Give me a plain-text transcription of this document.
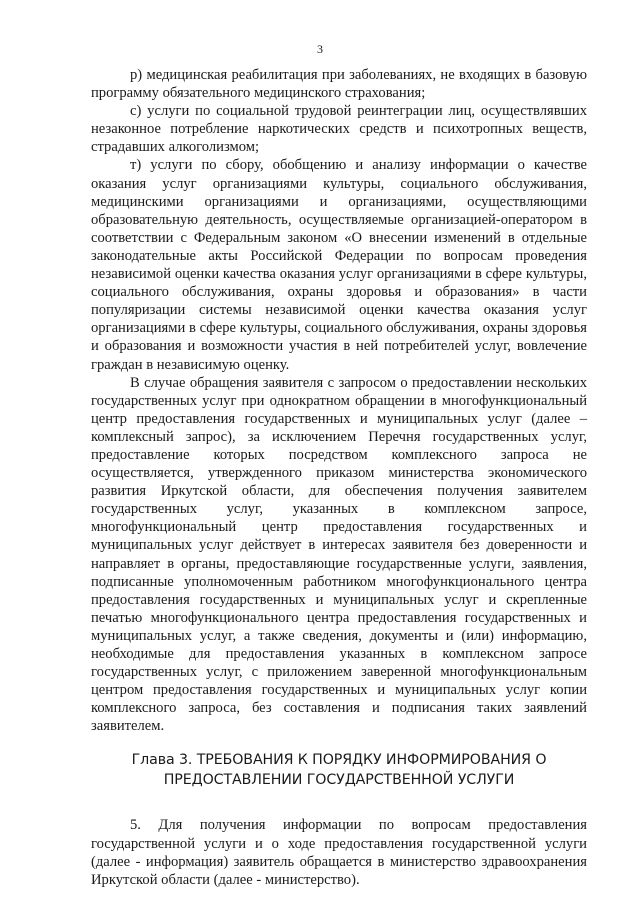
3

р) медицинская реабилитация при заболеваниях, не входящих в базовую программу обязательного медицинского страхования;

с) услуги по социальной трудовой реинтеграции лиц, осуществлявших незаконное потребление наркотических средств и психотропных веществ, страдавших алкоголизмом;

т) услуги по сбору, обобщению и анализу информации о качестве оказания услуг организациями культуры, социального обслуживания, медицинскими организациями и организациями, осуществляющими образовательную деятельность, осуществляемые организацией-оператором в соответствии с Федеральным законом «О внесении изменений в отдельные законодательные акты Российской Федерации по вопросам проведения независимой оценки качества оказания услуг организациями в сфере культуры, социального обслуживания, охраны здоровья и образования» в части популяризации системы независимой оценки качества оказания услуг организациями в сфере культуры, социального обслуживания, охраны здоровья и образования и возможности участия в ней потребителей услуг, вовлечение граждан в независимую оценку.

В случае обращения заявителя с запросом о предоставлении нескольких государственных услуг при однократном обращении в многофункциональный центр предоставления государственных и муниципальных услуг (далее – комплексный запрос), за исключением Перечня государственных услуг, предоставление которых посредством комплексного запроса не осуществляется, утвержденного приказом министерства экономического развития Иркутской области, для обеспечения получения заявителем государственных услуг, указанных в комплексном запросе, многофункциональный центр предоставления государственных и муниципальных услуг действует в интересах заявителя без доверенности и направляет в органы, предоставляющие государственные услуги, заявления, подписанные уполномоченным работником многофункционального центра предоставления государственных и муниципальных услуг и скрепленные печатью многофункционального центра предоставления государственных и муниципальных услуг, а также сведения, документы и (или) информацию, необходимые для предоставления указанных в комплексном запросе государственных услуг, с приложением заверенной многофункциональным центром предоставления государственных и муниципальных услуг копии комплексного запроса, без составления и подписания таких заявлений заявителем.

Глава 3. ТРЕБОВАНИЯ К ПОРЯДКУ ИНФОРМИРОВАНИЯ О
ПРЕДОСТАВЛЕНИИ ГОСУДАРСТВЕННОЙ УСЛУГИ

5. Для получения информации по вопросам предоставления государственной услуги и о ходе предоставления государственной услуги (далее - информация) заявитель обращается в министерство здравоохранения Иркутской области (далее - министерство).
